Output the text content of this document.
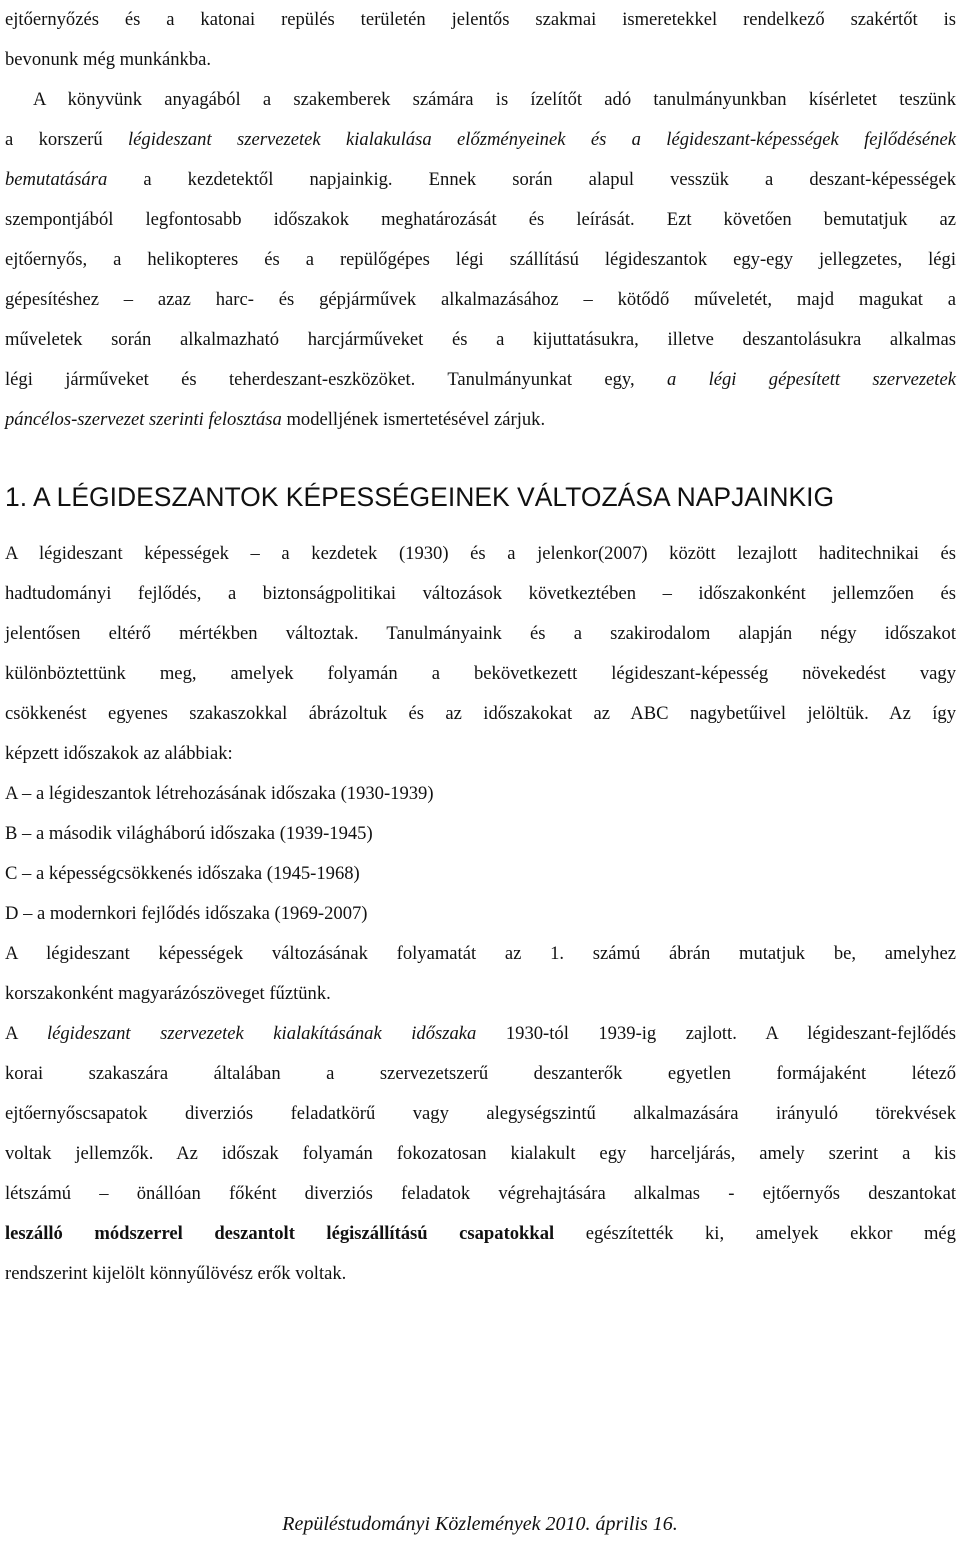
ejtőernyőzés és a katonai repülés területén jelentős szakmai ismeretekkel rendelkező szakértőt is
bevonunk még munkánkba.
A könyvünk anyagából a szakemberek számára is ízelítőt adó tanulmányunkban kísérletet teszünk
a korszerű légideszant szervezetek kialakulása előzményeinek és a légideszant-képességek fejlődésének
bemutatására a kezdetektől napjainkig. Ennek során alapul vesszük a deszant-képességek
szempontjából legfontosabb időszakok meghatározását és leírását. Ezt követően bemutatjuk az
ejtőernyős, a helikopteres és a repülőgépes légi szállítású légideszantok egy-egy jellegzetes, légi
gépesítéshez – azaz harc- és gépjárművek alkalmazásához – kötődő műveletét, majd magukat a
műveletek során alkalmazható harcjárműveket és a kijuttatásukra, illetve deszantolásukra alkalmas
légi járműveket és teherdeszant-eszközöket. Tanulmányunkat egy, a légi gépesített szervezetek
páncélos-szervezet szerinti felosztása modelljének ismertetésével zárjuk.
1. A LÉGIDESZANTOK KÉPESSÉGEINEK VÁLTOZÁSA NAPJAINKIG
A légideszant képességek – a kezdetek (1930) és a jelenkor(2007) között lezajlott haditechnikai és
hadtudományi fejlődés, a biztonságpolitikai változások következtében – időszakonként jellemzően és
jelentősen eltérő mértékben változtak. Tanulmányaink és a szakirodalom alapján négy időszakot
különböztettünk meg, amelyek folyamán a bekövetkezett légideszant-képesség növekedést vagy
csökkenést egyenes szakaszokkal ábrázoltuk és az időszakokat az ABC nagybetűivel jelöltük. Az így
képzett időszakok az alábbiak:
A – a légideszantok létrehozásának időszaka (1930-1939)
B – a második világháború időszaka (1939-1945)
C – a képességcsökkenés időszaka (1945-1968)
D – a modernkori fejlődés időszaka (1969-2007)
A légideszant képességek változásának folyamatát az 1. számú ábrán mutatjuk be, amelyhez
korszakonként magyarázószöveget fűztünk.
A légideszant szervezetek kialakításának időszaka 1930-tól 1939-ig zajlott. A légideszant-fejlődés
korai szakaszára általában a szervezetszerű deszanterők egyetlen formájaként létező
ejtőernyőscsapatok diverziós feladatkörű vagy alegységszintű alkalmazására irányuló törekvések
voltak jellemzők. Az időszak folyamán fokozatosan kialakult egy harceljárás, amely szerint a kis
létszámú – önállóan főként diverziós feladatok végrehajtására alkalmas - ejtőernyős deszantokat
leszálló módszerrel deszantolt légiszállítású csapatokkal egészítették ki, amelyek ekkor még
rendszerint kijelölt könnyűlövész erők voltak.
Repüléstudományi Közlemények 2010. április 16.
